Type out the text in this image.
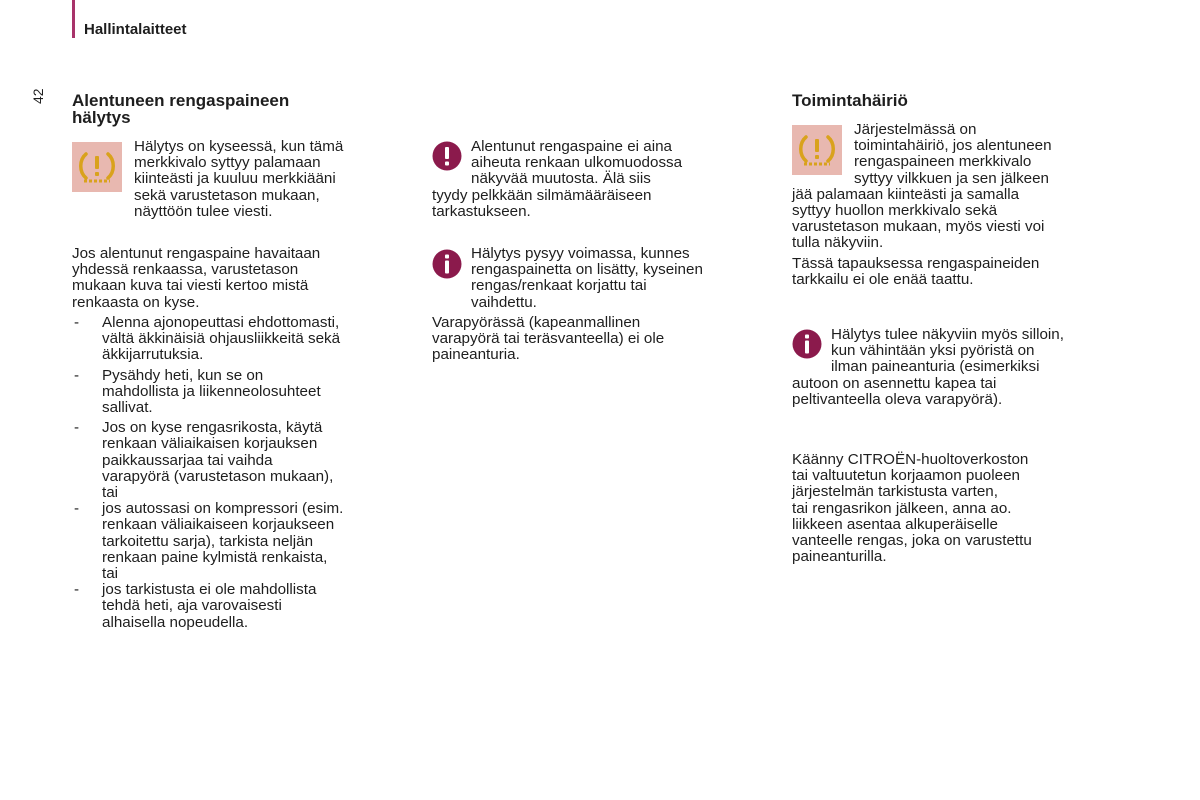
Hallintalaitteet
42 Alentuneen rengaspaineen
hälytys

Hälytys on kyseessä, kun tämä

merkkivalo syttyy palamaan

kiinteästi ja kuuluu merkkiääni

sekä varustetason mukaan,

näyttöön tulee viesti.

Jos alentunut rengaspaine havaitaan

yhdessä renkaassa, varustetason

mukaan kuva tai viesti kertoo mistä

renkaasta on kyse.

- Alenna ajonopeuttasi ehdottomasti,

vältä äkkinäisiä ohjausliikkeitä sekä

äkkijarrutuksia.

- Pysähdy heti, kun se on

mahdollista ja liikenneolosuhteet

sallivat.

- Jos on kyse rengasrikosta, käytä

renkaan väliaikaisen korjauksen

paikkaussarjaa tai vaihda

varapyörä (varustetason mukaan),

tai

- jos autossasi on kompressori (esim.

renkaan väliaikaiseen korjaukseen

tarkoitettu sarja), tarkista neljän

renkaan paine kylmistä renkaista,

tai

- jos tarkistusta ei ole mahdollista

tehdä heti, aja varovaisesti

alhaisella nopeudella.

Alentunut rengaspaine ei aina

aiheuta renkaan ulkomuodossa

näkyvää muutosta. Älä siis

tyydy pelkkään silmämääräiseen

tarkastukseen.

Hälytys pysyy voimassa, kunnes

rengaspainetta on lisätty, kyseinen

rengas/renkaat korjattu tai

vaihdettu.

Varapyörässä (kapeanmallinen

varapyörä tai teräsvanteella) ei ole

paineanturia.

Toimintahäiriö

Järjestelmässä on

toimintahäiriö, jos alentuneen

rengaspaineen merkkivalo

syttyy vilkkuen ja sen jälkeen

jää palamaan kiinteästi ja samalla

syttyy huollon merkkivalo sekä

varustetason mukaan, myös viesti voi

tulla näkyviin.

Tässä tapauksessa rengaspaineiden

tarkkailu ei ole enää taattu.

Hälytys tulee näkyviin myös silloin,

kun vähintään yksi pyöristä on

ilman paineanturia (esimerkiksi

autoon on asennettu kapea tai

peltivanteella oleva varapyörä).

Käänny CITROËN-huoltoverkoston

tai valtuutetun korjaamon puoleen

järjestelmän tarkistusta varten,

tai rengasrikon jälkeen, anna ao.

liikkeen asentaa alkuperäiselle

vanteelle rengas, joka on varustettu

paineanturilla.
